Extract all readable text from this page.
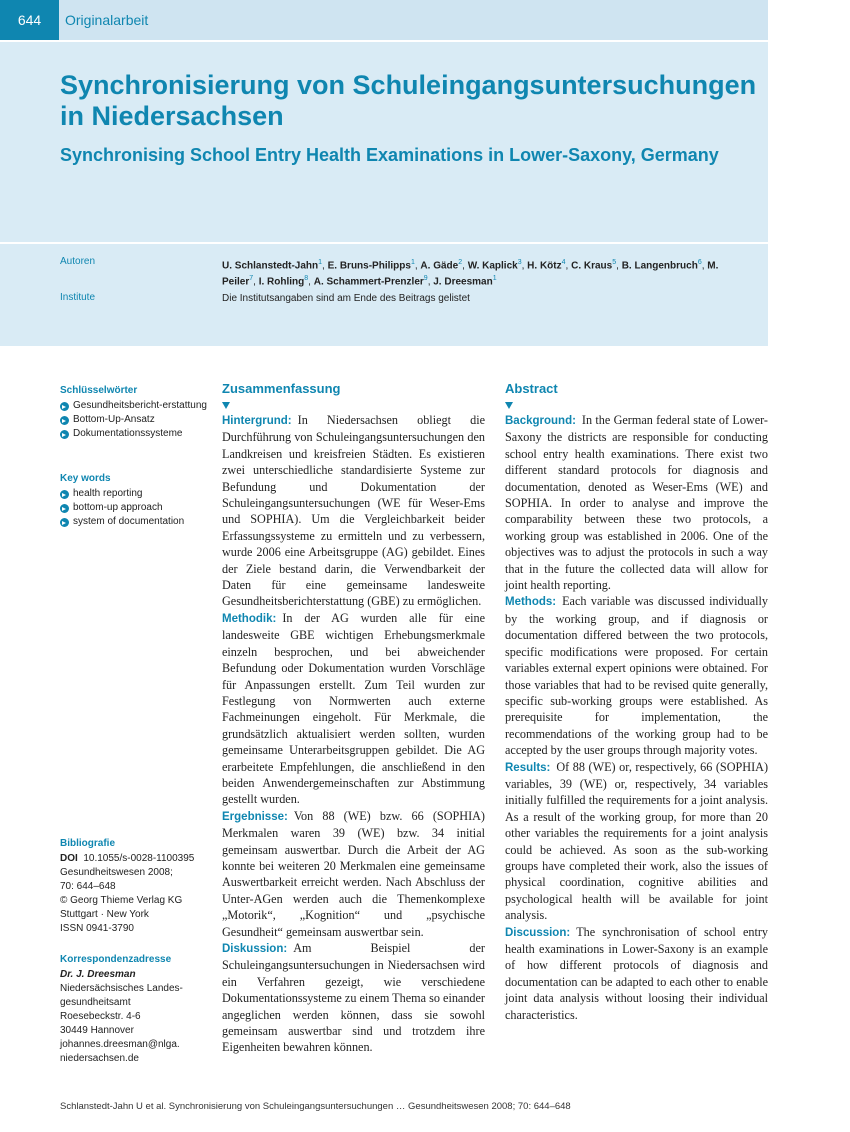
644	Originalarbeit
Synchronisierung von Schuleingangsuntersuchungen in Niedersachsen
Synchronising School Entry Health Examinations in Lower-Saxony, Germany
Autoren	U. Schlanstedt-Jahn$^1$, E. Bruns-Philipps$^1$, A. Gäde$^2$, W. Kaplick$^3$, H. Kötz$^4$, C. Kraus$^5$, B. Langenbruch$^6$, M. Peiler$^7$, I. Rohling$^8$, A. Schammert-Prenzler$^9$, J. Dreesman$^1$
Institute	Die Institutsangaben sind am Ende des Beitrags gelistet
Schlüsselwörter
Gesundheitsbericht-erstattung
Bottom-Up-Ansatz
Dokumentationssysteme
Key words
health reporting
bottom-up approach
system of documentation
Bibliografie
DOI 10.1055/s-0028-1100395
Gesundheitswesen 2008;
70: 644–648
© Georg Thieme Verlag KG
Stuttgart · New York
ISSN 0941-3790
Korrespondenzadresse
Dr. J. Dreesman
Niedersächsisches Landes-
gesundheitsamt
Roesebeckstr. 4-6
30449 Hannover
johannes.dreesman@nlga.
niedersachsen.de
Zusammenfassung

Hintergrund: In Niedersachsen obliegt die Durchführung von Schuleingangsuntersuchungen den Landkreisen und kreisfreien Städten. Es existieren zwei unterschiedliche standardisierte Systeme zur Befundung und Dokumentation der Schuleingangsuntersuchungen (WE für Weser-Ems und SOPHIA). Um die Vergleichbarkeit beider Erfassungssysteme zu ermitteln und zu verbessern, wurde 2006 eine Arbeitsgruppe (AG) gebildet. Eines der Ziele bestand darin, die Verwendbarkeit der Daten für eine gemeinsame landesweite Gesundheitsberichterstattung (GBE) zu ermöglichen.

Methodik: In der AG wurden alle für eine landesweite GBE wichtigen Erhebungsmerkmale einzeln besprochen, und bei abweichender Befundung oder Dokumentation wurden Vorschläge für Anpassungen erstellt. Zum Teil wurden zur Festlegung von Normwerten auch externe Fachmeinungen eingeholt. Für Merkmale, die grundsätzlich aktualisiert werden sollten, wurden gemeinsame Unterarbeitsgruppen gebildet. Die AG erarbeitete Empfehlungen, die anschließend in den beiden Anwendergemeinschaften zur Abstimmung gestellt wurden.

Ergebnisse: Von 88 (WE) bzw. 66 (SOPHIA) Merkmalen waren 39 (WE) bzw. 34 initial gemeinsam auswertbar. Durch die Arbeit der AG konnte bei weiteren 20 Merkmalen eine gemeinsame Auswertbarkeit erreicht werden. Nach Abschluss der Unter-AGen werden auch die Themenkomplexe „Motorik“, „Kognition“ und „psychische Gesundheit“ gemeinsam auswertbar sein.

Diskussion: Am Beispiel der Schuleingangsuntersuchungen in Niedersachsen wird ein Verfahren gezeigt, wie verschiedene Dokumentationssysteme zu einem Thema so einander angeglichen werden können, dass sie sowohl gemeinsam auswertbar sind und trotzdem ihre Eigenheiten bewahren können.

Abstract

Background: In the German federal state of Lower-Saxony the districts are responsible for conducting school entry health examinations. There exist two different standard protocols for diagnosis and documentation, denoted as Weser-Ems (WE) and SOPHIA. In order to analyse and improve the comparability between these two protocols, a working group was established in 2006. One of the objectives was to adjust the protocols in such a way that in the future the collected data will allow for joint health reporting.

Methods: Each variable was discussed individually by the working group, and if diagnosis or documentation differed between the two protocols, specific modifications were proposed. For certain variables external expert opinions were obtained. For those variables that had to be revised quite generally, specific sub-working groups were established. As prerequisite for implementation, the recommendations of the working group had to be accepted by the user groups through majority votes.

Results: Of 88 (WE) or, respectively, 66 (SOPHIA) variables, 39 (WE) or, respectively, 34 variables initially fulfilled the requirements for a joint analysis. As a result of the working group, for more than 20 other variables the requirements for a joint analysis could be achieved. As soon as the sub-working groups have completed their work, also the issues of physical coordination, cognitive abilities and psychological health will be available for joint analysis.

Discussion: The synchronisation of school entry health examinations in Lower-Saxony is an example of how different protocols of diagnosis and documentation can be adapted to each other to enable joint data analysis without loosing their individual characteristics.

Schlanstedt-Jahn U et al. Synchronisierung von Schuleingangsuntersuchungen … Gesundheitswesen 2008; 70: 644–648
